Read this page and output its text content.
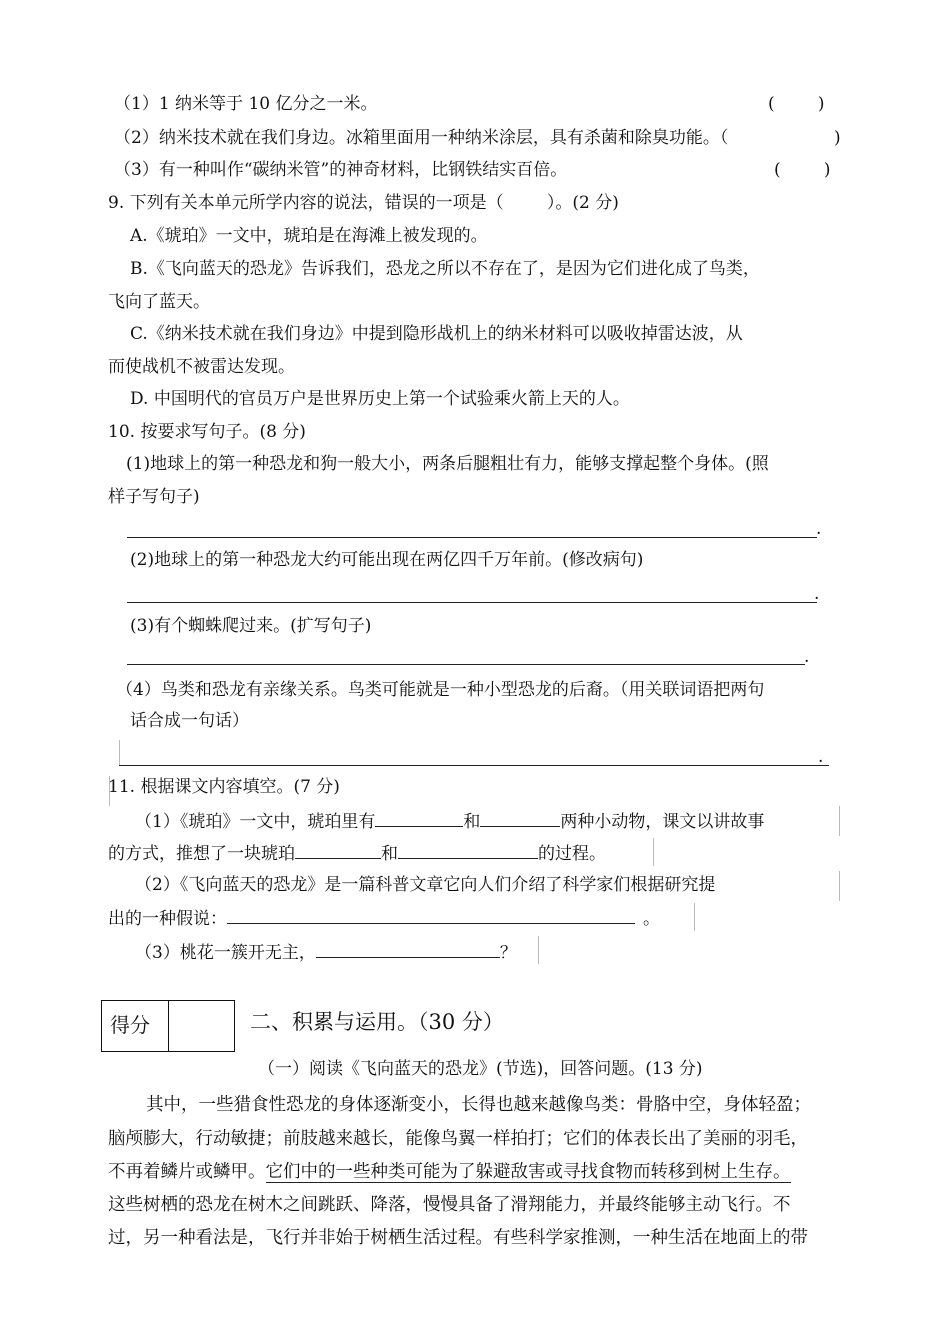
（1）1 纳米等于 10 亿分之一米。	(        )
（2）纳米技术就在我们身边。冰箱里面用一种纳米涂层，具有杀菌和除臭功能。（	)
（3）有一种叫作“碳纳米管”的神奇材料，比钢铁结实百倍。	(        )
9. 下列有关本单元所学内容的说法，错误的一项是（        ）。(2 分)
A.《琥珀》一文中，琥珀是在海滩上被发现的。
B.《飞向蓝天的恐龙》告诉我们，恐龙之所以不存在了，是因为它们进化成了鸟类，
飞向了蓝天。
C.《纳米技术就在我们身边》中提到隐形战机上的纳米材料可以吸收掉雷达波，从
而使战机不被雷达发现。
D. 中国明代的官员万户是世界历史上第一个试验乘火箭上天的人。
10. 按要求写句子。(8 分)
(1)地球上的第一种恐龙和狗一般大小，两条后腿粗壮有力，能够支撑起整个身体。(照
样子写句子)
.
(2)地球上的第一种恐龙大约可能出现在两亿四千万年前。(修改病句)
.
(3)有个蜘蛛爬过来。(扩写句子)
.
（4）鸟类和恐龙有亲缘关系。鸟类可能就是一种小型恐龙的后裔。（用关联词语把两句
话合成一句话）
.
11. 根据课文内容填空。(7 分)
（1）《琥珀》一文中，琥珀里有	和	两种小动物，课文以讲故事
的方式，推想了一块琥珀	和	的过程。
（2）《飞向蓝天的恐龙》是一篇科普文章它向人们介绍了科学家们根据研究提
出的一种假说：	。
（3）桃花一簇开无主，	？
得分	二、积累与运用。（30 分）
（一）阅读《飞向蓝天的恐龙》(节选)，回答问题。(13 分)
其中，一些猎食性恐龙的身体逐渐变小，长得也越来越像鸟类：骨胳中空，身体轻盈；
脑颅膨大，行动敏捷；前肢越来越长，能像鸟翼一样拍打；它们的体表长出了美丽的羽毛，
不再着鳞片或鳞甲。它们中的一些种类可能为了躲避敌害或寻找食物而转移到树上生存。
这些树栖的恐龙在树木之间跳跃、降落，慢慢具备了滑翔能力，并最终能够主动飞行。不
过，另一种看法是，飞行并非始于树栖生活过程。有些科学家推测，一种生活在地面上的带
